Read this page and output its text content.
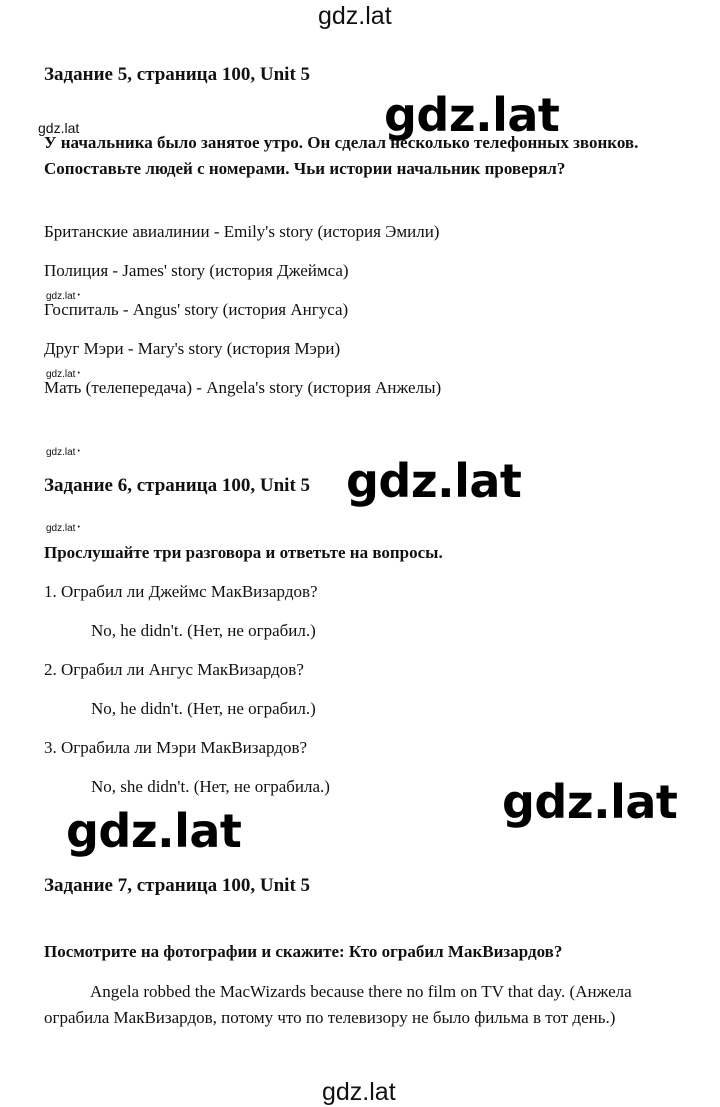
gdz.lat
Задание 5, страница 100, Unit 5
У начальника было занятое утро. Он сделал несколько телефонных звонков. Сопоставьте людей с номерами. Чьи истории начальник проверял?
gdz.lat
gdz.lat
Британские авиалинии - Emily's story (история Эмили)
Полиция - James' story (история Джеймса)
gdz.lat •
Госпиталь - Angus' story (история Ангуса)
Друг Мэри - Mary's story (история Мэри)
gdz.lat •
Мать (телепередача) - Angela's story (история Анжелы)
gdz.lat •
Задание 6, страница 100, Unit 5 gdz.lat
gdz.lat •
Прослушайте три разговора и ответьте на вопросы.
1. Ограбил ли Джеймс МакВизардов?
No, he didn't. (Нет, не ограбил.)
2. Ограбил ли Ангус МакВизардов?
No, he didn't. (Нет, не ограбил.)
3. Ограбила ли Мэри МакВизардов?
No, she didn't. (Нет, не ограбила.)	gdz.lat
gdz.lat
Задание 7, страница 100, Unit 5
Посмотрите на фотографии и скажите: Кто ограбил МакВизардов?
Angela robbed the MacWizards because there no film on TV that day. (Анжела ограбила МакВизардов, потому что по телевизору не было фильма в тот день.)
gdz.lat
